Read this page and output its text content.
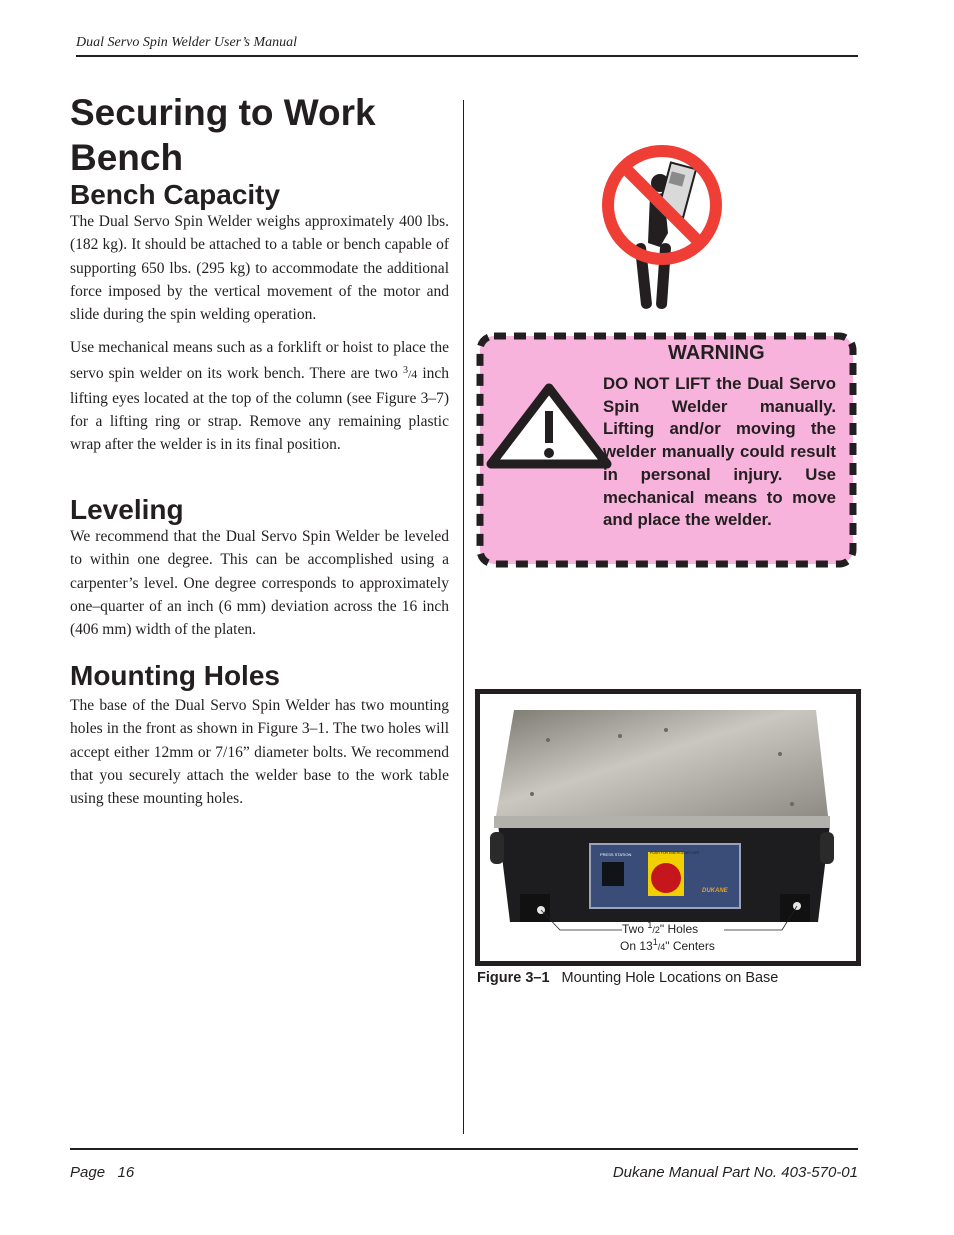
Dual Servo Spin Welder User’s Manual
Securing to Work Bench
Bench Capacity

The Dual Servo Spin Welder weighs approximately 400 lbs. (182 kg). It should be attached to a table or bench capable of supporting 650 lbs. (295 kg) to accommodate the additional force imposed by the vertical movement of the motor and slide during the spin welding operation.

Use mechanical means such as a forklift or hoist to place the servo spin welder on its work bench. There are two $^3$/4 inch lifting eyes located at the top of the column (see Figure 3–7) for a lifting ring or strap. Remove any remaining plastic wrap after the welder is in its final position.

Leveling

We recommend that the Dual Servo Spin Welder be leveled to within one degree. This can be accomplished using a carpenter’s level. One degree corresponds to approximately one–quarter of an inch (6 mm) deviation across the 16 inch (406 mm) width of the platen.

Mounting Holes

The base of the Dual Servo Spin Welder has two mounting holes in the front as shown in Figure 3–1. The two holes will accept either 12mm or 7/16” diameter bolts. We recommend that you securely attach the welder base to the work table using these mounting holes.

WARNING

DO NOT LIFT the Dual Servo Spin Welder manually. Lifting and/or moving the welder manually could result in personal injury. Use mechanical means to move and place the welder.

PRESS STATION	PUSH FOR EMERGENCY OFF
DUKANE
Two $^1$/2" Holes
On $13^1/4$" Centers
Figure 3–1 Mounting Hole Locations on Base
Page   16	Dukane Manual Part No. 403-570-01
